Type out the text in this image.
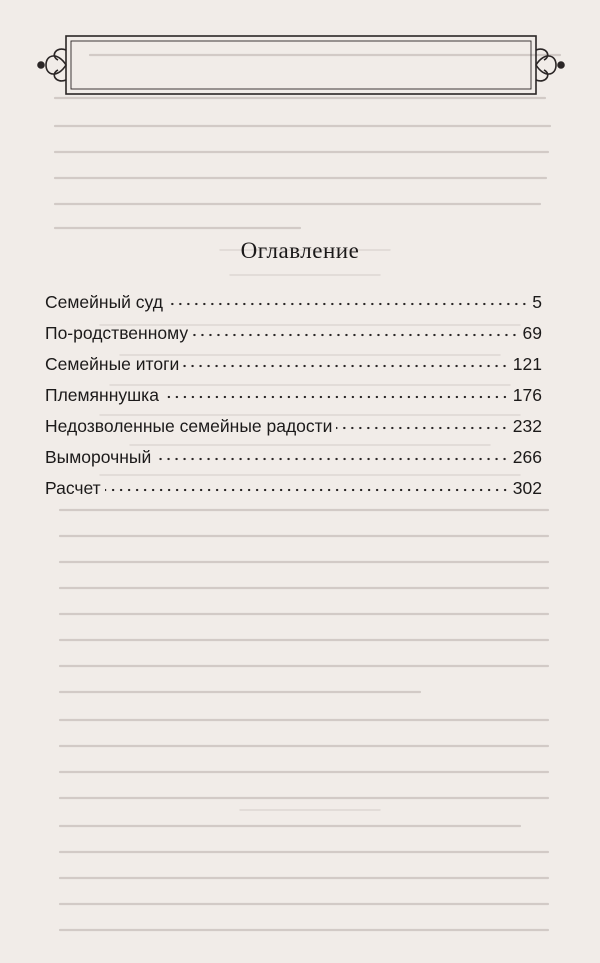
Оглавление
Семейный суд	5
По-родственному	69
Семейные итоги	121
Племяннушка	176
Недозволенные семейные радости	232
Выморочный	266
Расчет	302
